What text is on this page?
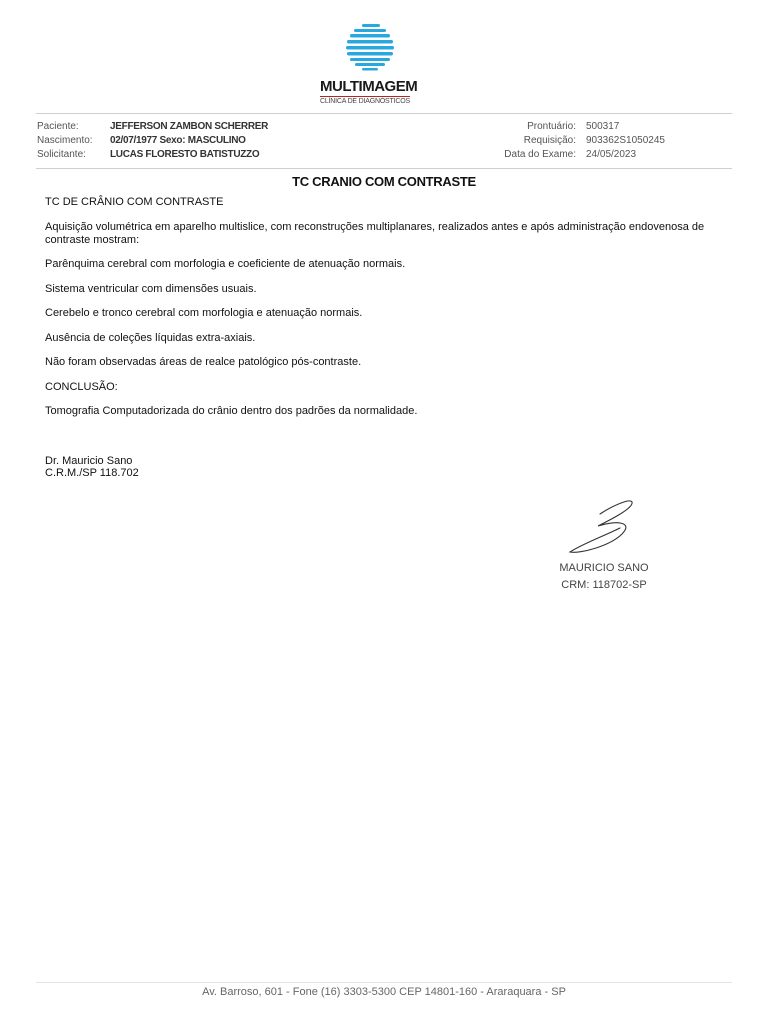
MULTIMAGEM
CLÍNICA DE DIAGNÓSTICOS
Paciente:
Nascimento:
Solicitante:
JEFFERSON ZAMBON SCHERRER
02/07/1977 Sexo: MASCULINO
LUCAS FLORESTO BATISTUZZO
Prontuário:
Requisição:
Data do Exame:
500317
903362S1050245
24/05/2023
TC CRANIO COM CONTRASTE

TC DE CRÂNIO COM CONTRASTE

Aquisição volumétrica em aparelho multislice, com reconstruções multiplanares, realizados antes e após administração endovenosa de contraste mostram:

Parênquima cerebral com morfologia e coeficiente de atenuação normais.

Sistema ventricular com dimensões usuais.

Cerebelo e tronco cerebral com morfologia e atenuação normais.

Ausência de coleções líquidas extra-axiais.

Não foram observadas áreas de realce patológico pós-contraste.

CONCLUSÃO:

Tomografia Computadorizada do crânio dentro dos padrões da normalidade.

Dr. Mauricio Sano
C.R.M./SP 118.702
MAURICIO SANO
CRM: 118702-SP
Av. Barroso, 601 - Fone (16) 3303-5300 CEP 14801-160 - Araraquara - SP
